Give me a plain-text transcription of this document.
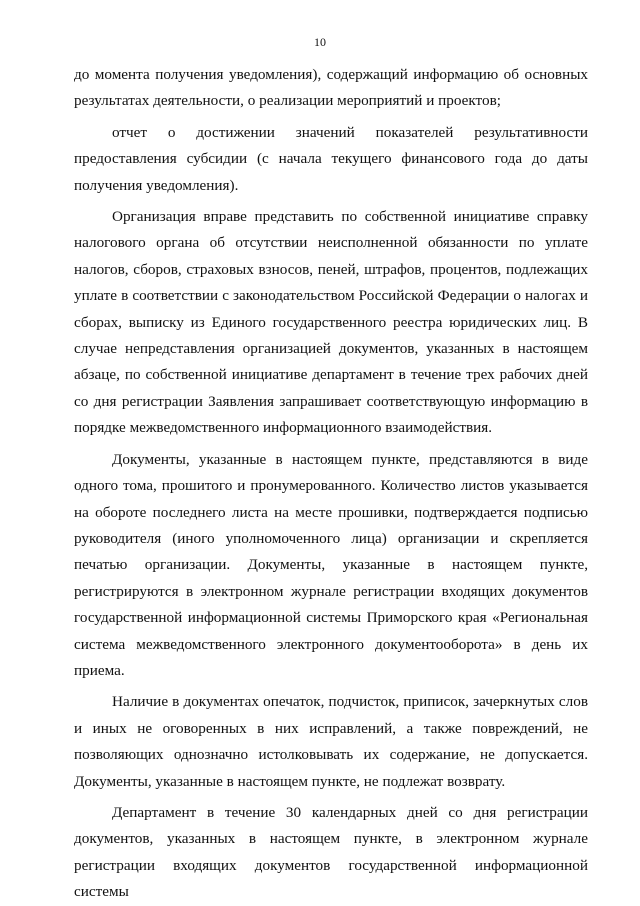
10

до момента получения уведомления), содержащий информацию об основных результатах деятельности, о реализации мероприятий и проектов;

отчет о достижении значений показателей результативности предоставления субсидии (с начала текущего финансового года до даты получения уведомления).

Организация вправе представить по собственной инициативе справку налогового органа об отсутствии неисполненной обязанности по уплате налогов, сборов, страховых взносов, пеней, штрафов, процентов, подлежащих уплате в соответствии с законодательством Российской Федерации о налогах и сборах, выписку из Единого государственного реестра юридических лиц. В случае непредставления организацией документов, указанных в настоящем абзаце, по собственной инициативе департамент в течение трех рабочих дней со дня регистрации Заявления запрашивает соответствующую информацию в порядке межведомственного информационного взаимодействия.

Документы, указанные в настоящем пункте, представляются в виде одного тома, прошитого и пронумерованного. Количество листов указывается на обороте последнего листа на месте прошивки, подтверждается подписью руководителя (иного уполномоченного лица) организации и скрепляется печатью организации. Документы, указанные в настоящем пункте, регистрируются в электронном журнале регистрации входящих документов государственной информационной системы Приморского края «Региональная система межведомственного электронного документооборота» в день их приема.

Наличие в документах опечаток, подчисток, приписок, зачеркнутых слов и иных не оговоренных в них исправлений, а также повреждений, не позволяющих однозначно истолковывать их содержание, не допускается. Документы, указанные в настоящем пункте, не подлежат возврату.

Департамент в течение 30 календарных дней со дня регистрации документов, указанных в настоящем пункте, в электронном журнале регистрации входящих документов государственной информационной системы
